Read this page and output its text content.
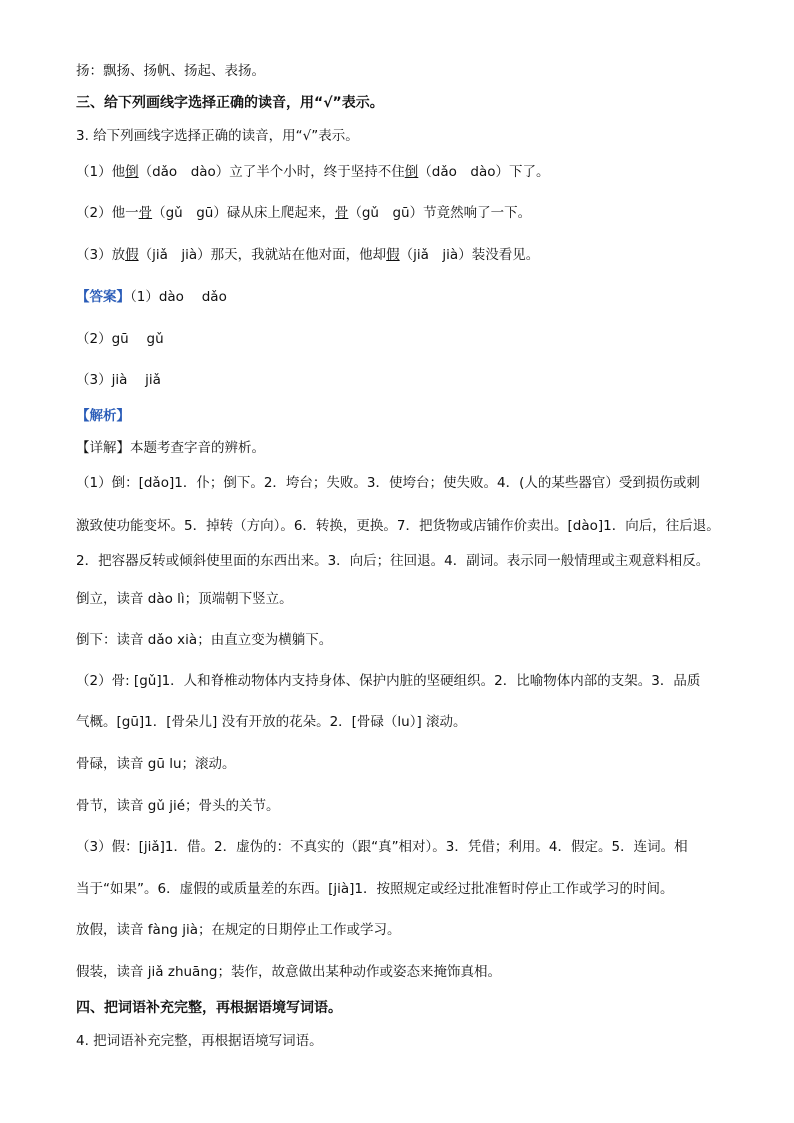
扬：飘扬、扬帆、扬起、表扬。
三、给下列画线字选择正确的读音，用“√”表示。
3. 给下列画线字选择正确的读音，用“√”表示。
（1）他倒（dǎo　dào）立了半个小时，终于坚持不住倒（dǎo　dào）下了。
（2）他一骨（gǔ　gū）碌从床上爬起来，骨（gǔ　gū）节竟然响了一下。
（3）放假（jiǎ　jià）那天，我就站在他对面，他却假（jiǎ　jià）装没看见。
【答案】（1）dào　 dǎo
（2）gū　 gǔ
（3）jià　 jiǎ
【解析】
【详解】本题考查字音的辨析。
（1）倒：[dǎo]1．仆；倒下。2．垮台；失败。3．使垮台；使失败。4．(人的某些器官）受到损伤或刺
激致使功能变坏。5．掉转（方向）。6．转换，更换。7．把货物或店铺作价卖出。[dào]1．向后，往后退。
2．把容器反转或倾斜使里面的东西出来。3．向后；往回退。4．副词。表示同一般情理或主观意料相反。
倒立，读音 dào lì；顶端朝下竖立。
倒下：读音 dǎo xià；由直立变为横躺下。
（2）骨: [gǔ]1．人和脊椎动物体内支持身体、保护内脏的坚硬组织。2．比喻物体内部的支架。3．品质
气概。[gū]1．[骨朵儿] 没有开放的花朵。2．[骨碌（lu）] 滚动。
骨碌，读音 gū lu；滚动。
骨节，读音 gǔ jié；骨头的关节。
（3）假：[jiǎ]1．借。2．虚伪的：不真实的（跟“真”相对）。3．凭借；利用。4．假定。5．连词。相
当于“如果”。6．虚假的或质量差的东西。[jià]1．按照规定或经过批准暂时停止工作或学习的时间。
放假，读音 fàng jià；在规定的日期停止工作或学习。
假装，读音 jiǎ zhuāng；装作，故意做出某种动作或姿态来掩饰真相。
四、把词语补充完整，再根据语境写词语。
4. 把词语补充完整，再根据语境写词语。
